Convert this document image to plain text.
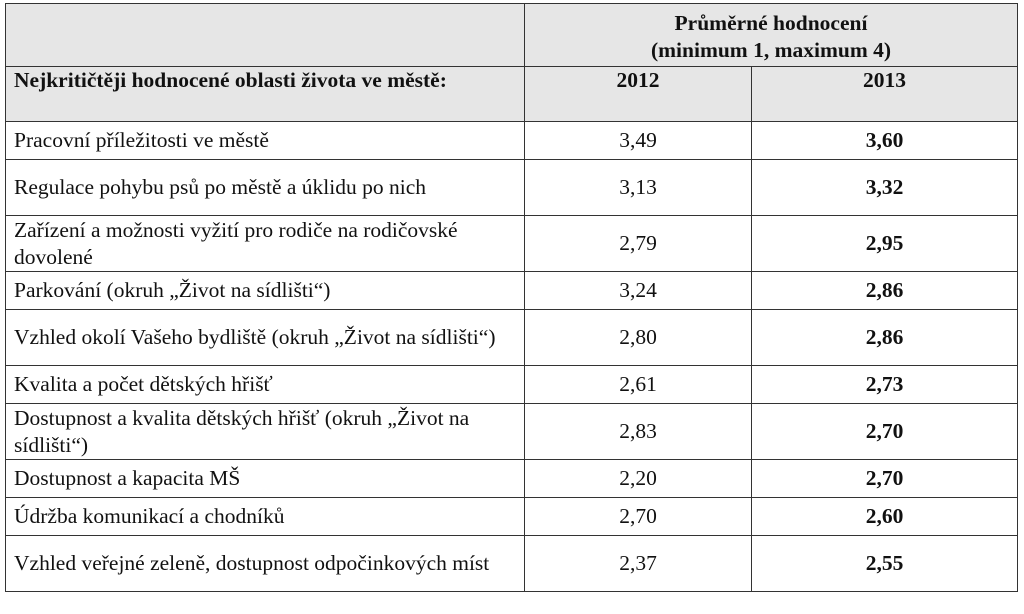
	Průměrné hodnocení
(minimum 1, maximum 4)	

Nejkritičtěji hodnocené oblasti života ve městě:	2012	2013
Pracovní příležitosti ve městě	3,49	3,60
Regulace pohybu psů po městě a úklidu po nich	3,13	3,32
Zařízení a možnosti vyžití pro rodiče na rodičovské dovolené	2,79	2,95
Parkování (okruh „Život na sídlišti“)	3,24	2,86
Vzhled okolí Vašeho bydliště (okruh „Život na sídlišti“)	2,80	2,86
Kvalita a počet dětských hřišť	2,61	2,73
Dostupnost a kvalita dětských hřišť (okruh „Život na sídlišti“)	2,83	2,70
Dostupnost a kapacita MŠ	2,20	2,70
Údržba komunikací a chodníků	2,70	2,60
Vzhled veřejné zeleně, dostupnost odpočinkových míst	2,37	2,55
